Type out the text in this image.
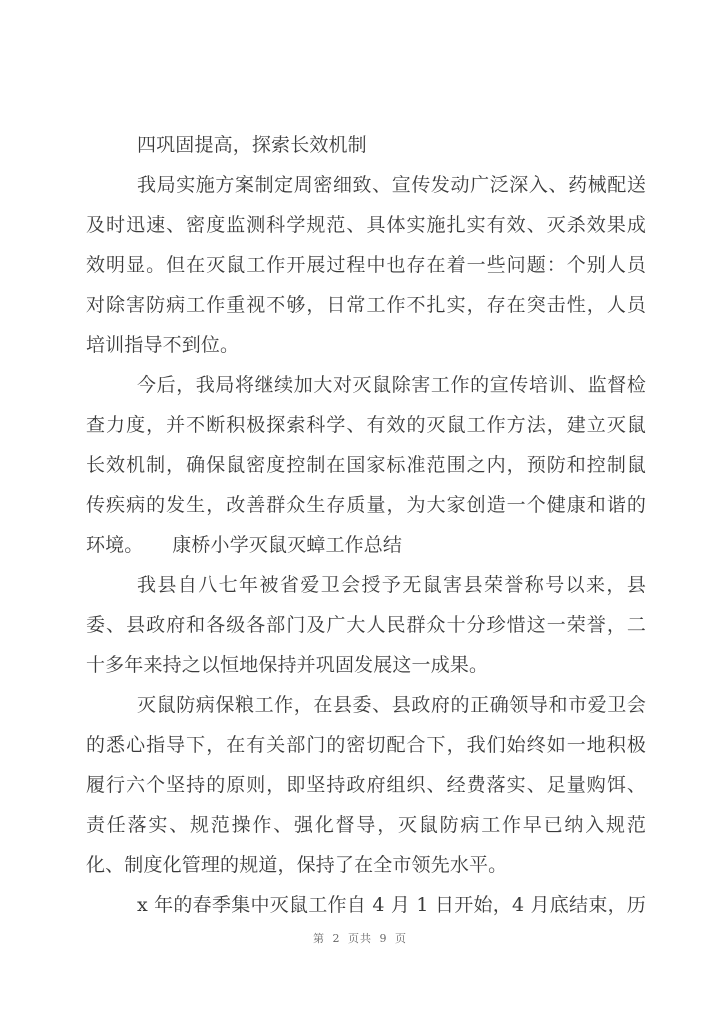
四巩固提高，探索长效机制
我局实施方案制定周密细致、宣传发动广泛深入、药械配送
及时迅速、密度监测科学规范、具体实施扎实有效、灭杀效果成
效明显。但在灭鼠工作开展过程中也存在着一些问题：个别人员
对除害防病工作重视不够，日常工作不扎实，存在突击性，人员
培训指导不到位。
今后，我局将继续加大对灭鼠除害工作的宣传培训、监督检
查力度，并不断积极探索科学、有效的灭鼠工作方法，建立灭鼠
长效机制，确保鼠密度控制在国家标准范围之内，预防和控制鼠
传疾病的发生，改善群众生存质量，为大家创造一个健康和谐的
环境。　　康桥小学灭鼠灭蟑工作总结
我县自八七年被省爱卫会授予无鼠害县荣誉称号以来，县
委、县政府和各级各部门及广大人民群众十分珍惜这一荣誉，二
十多年来持之以恒地保持并巩固发展这一成果。
灭鼠防病保粮工作，在县委、县政府的正确领导和市爱卫会
的悉心指导下，在有关部门的密切配合下，我们始终如一地积极
履行六个坚持的原则，即坚持政府组织、经费落实、足量购饵、
责任落实、规范操作、强化督导，灭鼠防病工作早已纳入规范
化、制度化管理的规道，保持了在全市领先水平。
x 年的春季集中灭鼠工作自 4 月 1 日开始，4 月底结束，历
第 2 页共 9 页
